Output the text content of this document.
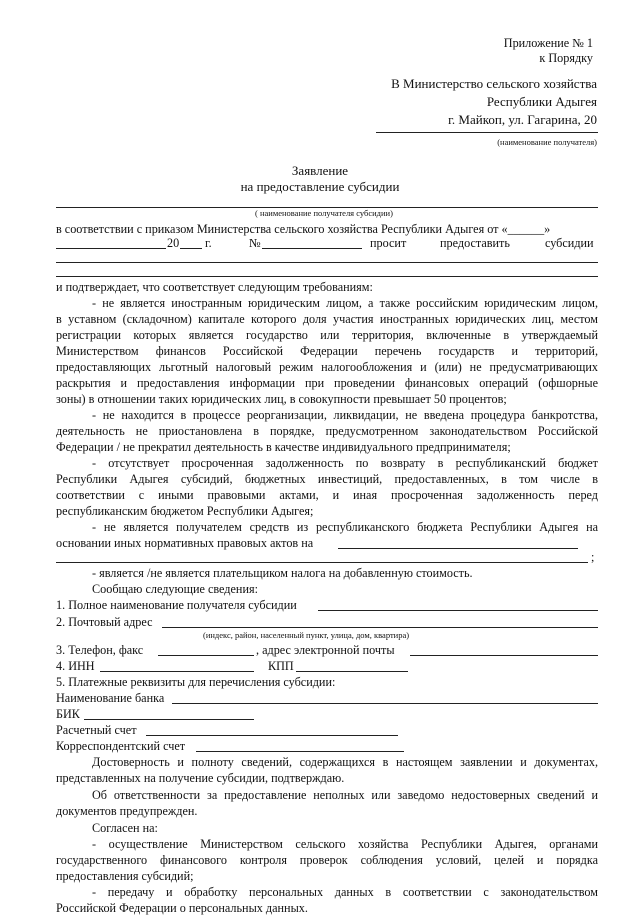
Приложение № 1
к Порядку
В Министерство сельского хозяйства
Республики Адыгея
г. Майкоп, ул. Гагарина, 20
(наименование получателя)
Заявление
на предоставление субсидии
( наименование получателя субсидии)
в соответствии с приказом Министерства сельского хозяйства Республики Адыгея от «______»
20 г.	№	просит	предоставить	субсидии
и подтверждает, что соответствует следующим требованиям:
- не является иностранным юридическим лицом, а также российским юридическим лицом,
в уставном (складочном) капитале которого доля участия иностранных юридических лиц, местом
регистрации которых является государство или территория, включенные в утверждаемый
Министерством финансов Российской Федерации перечень государств и территорий,
предоставляющих льготный налоговый режим налогообложения и (или) не предусматривающих
раскрытия и предоставления информации при проведении финансовых операций (офшорные
зоны) в отношении таких юридических лиц, в совокупности превышает 50 процентов;
- не находится в процессе реорганизации, ликвидации, не введена процедура банкротства,
деятельность не приостановлена в порядке, предусмотренном законодательством Российской
Федерации / не прекратил деятельность в качестве индивидуального предпринимателя;
- отсутствует просроченная задолженность по возврату в республиканский бюджет
Республики Адыгея субсидий, бюджетных инвестиций, предоставленных, в том числе в
соответствии с иными правовыми актами, и иная просроченная задолженность перед
республиканским бюджетом Республики Адыгея;
- не является получателем средств из республиканского бюджета Республики Адыгея на
основании иных нормативных правовых актов на
;
- является /не является плательщиком налога на добавленную стоимость.
Сообщаю следующие сведения:
1. Полное наименование получателя субсидии
2. Почтовый адрес
(индекс, район, населенный пункт, улица, дом, квартира)
3. Телефон, факс	, адрес электронной почты
4. ИНН	КПП
5. Платежные реквизиты для перечисления субсидии:
Наименование банка
БИК
Расчетный счет
Корреспондентский счет
Достоверность и полноту сведений, содержащихся в настоящем заявлении и документах,
представленных на получение субсидии, подтверждаю.
Об ответственности за предоставление неполных или заведомо недостоверных сведений и
документов предупрежден.
Согласен на:
- осуществление Министерством сельского хозяйства Республики Адыгея, органами
государственного финансового контроля проверок соблюдения условий, целей и порядка
предоставления субсидий;
- передачу и обработку персональных данных в соответствии с законодательством
Российской Федерации о персональных данных.
